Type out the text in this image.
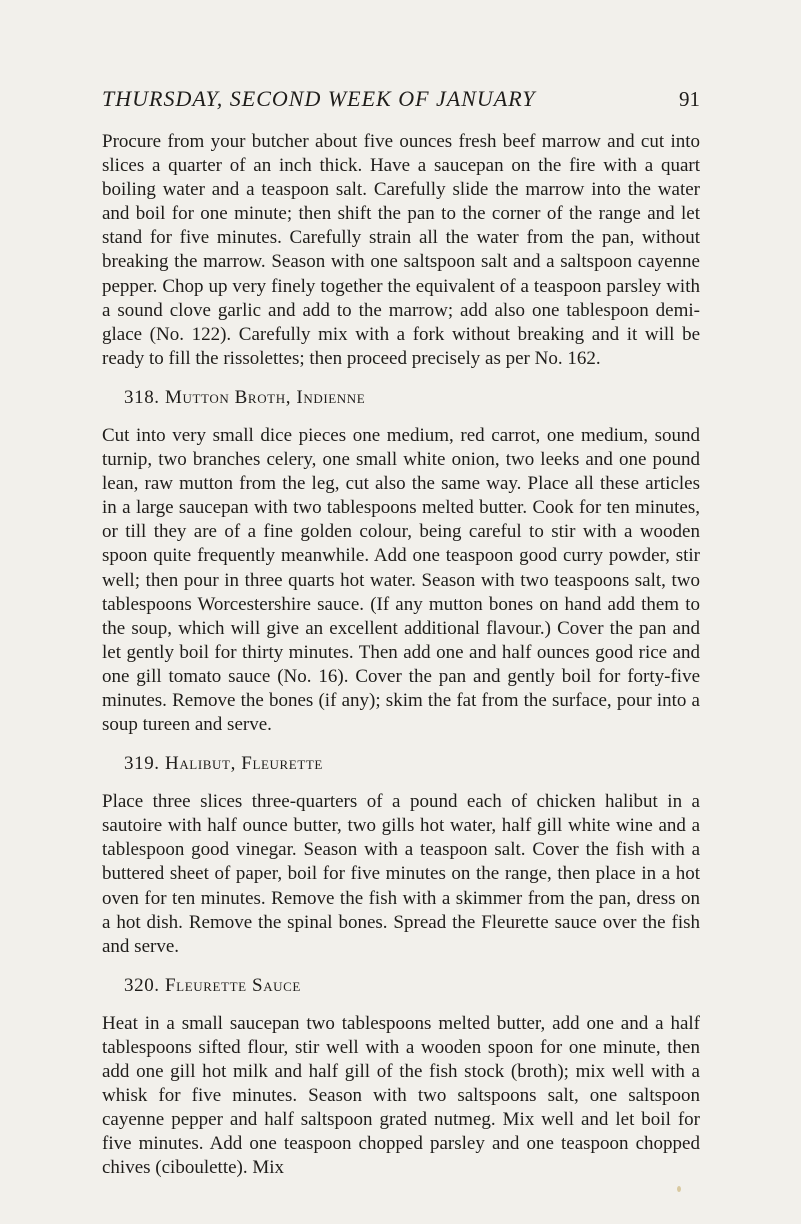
THURSDAY, SECOND WEEK OF JANUARY	91

Procure from your butcher about five ounces fresh beef marrow and cut into slices a quarter of an inch thick. Have a saucepan on the fire with a quart boiling water and a teaspoon salt. Carefully slide the marrow into the water and boil for one minute; then shift the pan to the corner of the range and let stand for five minutes. Carefully strain all the water from the pan, without breaking the marrow. Season with one saltspoon salt and a saltspoon cayenne pepper. Chop up very finely together the equivalent of a teaspoon parsley with a sound clove garlic and add to the marrow; add also one tablespoon demi-glace (No. 122). Carefully mix with a fork without breaking and it will be ready to fill the rissolettes; then proceed precisely as per No. 162.

318. Mutton Broth, Indienne

Cut into very small dice pieces one medium, red carrot, one medium, sound turnip, two branches celery, one small white onion, two leeks and one pound lean, raw mutton from the leg, cut also the same way. Place all these articles in a large saucepan with two tablespoons melted butter. Cook for ten minutes, or till they are of a fine golden colour, being careful to stir with a wooden spoon quite frequently meanwhile. Add one teaspoon good curry powder, stir well; then pour in three quarts hot water. Season with two teaspoons salt, two tablespoons Worcestershire sauce. (If any mutton bones on hand add them to the soup, which will give an excellent additional flavour.) Cover the pan and let gently boil for thirty minutes. Then add one and half ounces good rice and one gill tomato sauce (No. 16). Cover the pan and gently boil for forty-five minutes. Remove the bones (if any); skim the fat from the surface, pour into a soup tureen and serve.

319. Halibut, Fleurette

Place three slices three-quarters of a pound each of chicken halibut in a sautoire with half ounce butter, two gills hot water, half gill white wine and a tablespoon good vinegar. Season with a teaspoon salt. Cover the fish with a buttered sheet of paper, boil for five minutes on the range, then place in a hot oven for ten minutes. Remove the fish with a skimmer from the pan, dress on a hot dish. Remove the spinal bones. Spread the Fleurette sauce over the fish and serve.

320. Fleurette Sauce

Heat in a small saucepan two tablespoons melted butter, add one and a half tablespoons sifted flour, stir well with a wooden spoon for one minute, then add one gill hot milk and half gill of the fish stock (broth); mix well with a whisk for five minutes. Season with two saltspoons salt, one saltspoon cayenne pepper and half saltspoon grated nutmeg. Mix well and let boil for five minutes. Add one teaspoon chopped parsley and one teaspoon chopped chives (ciboulette). Mix
